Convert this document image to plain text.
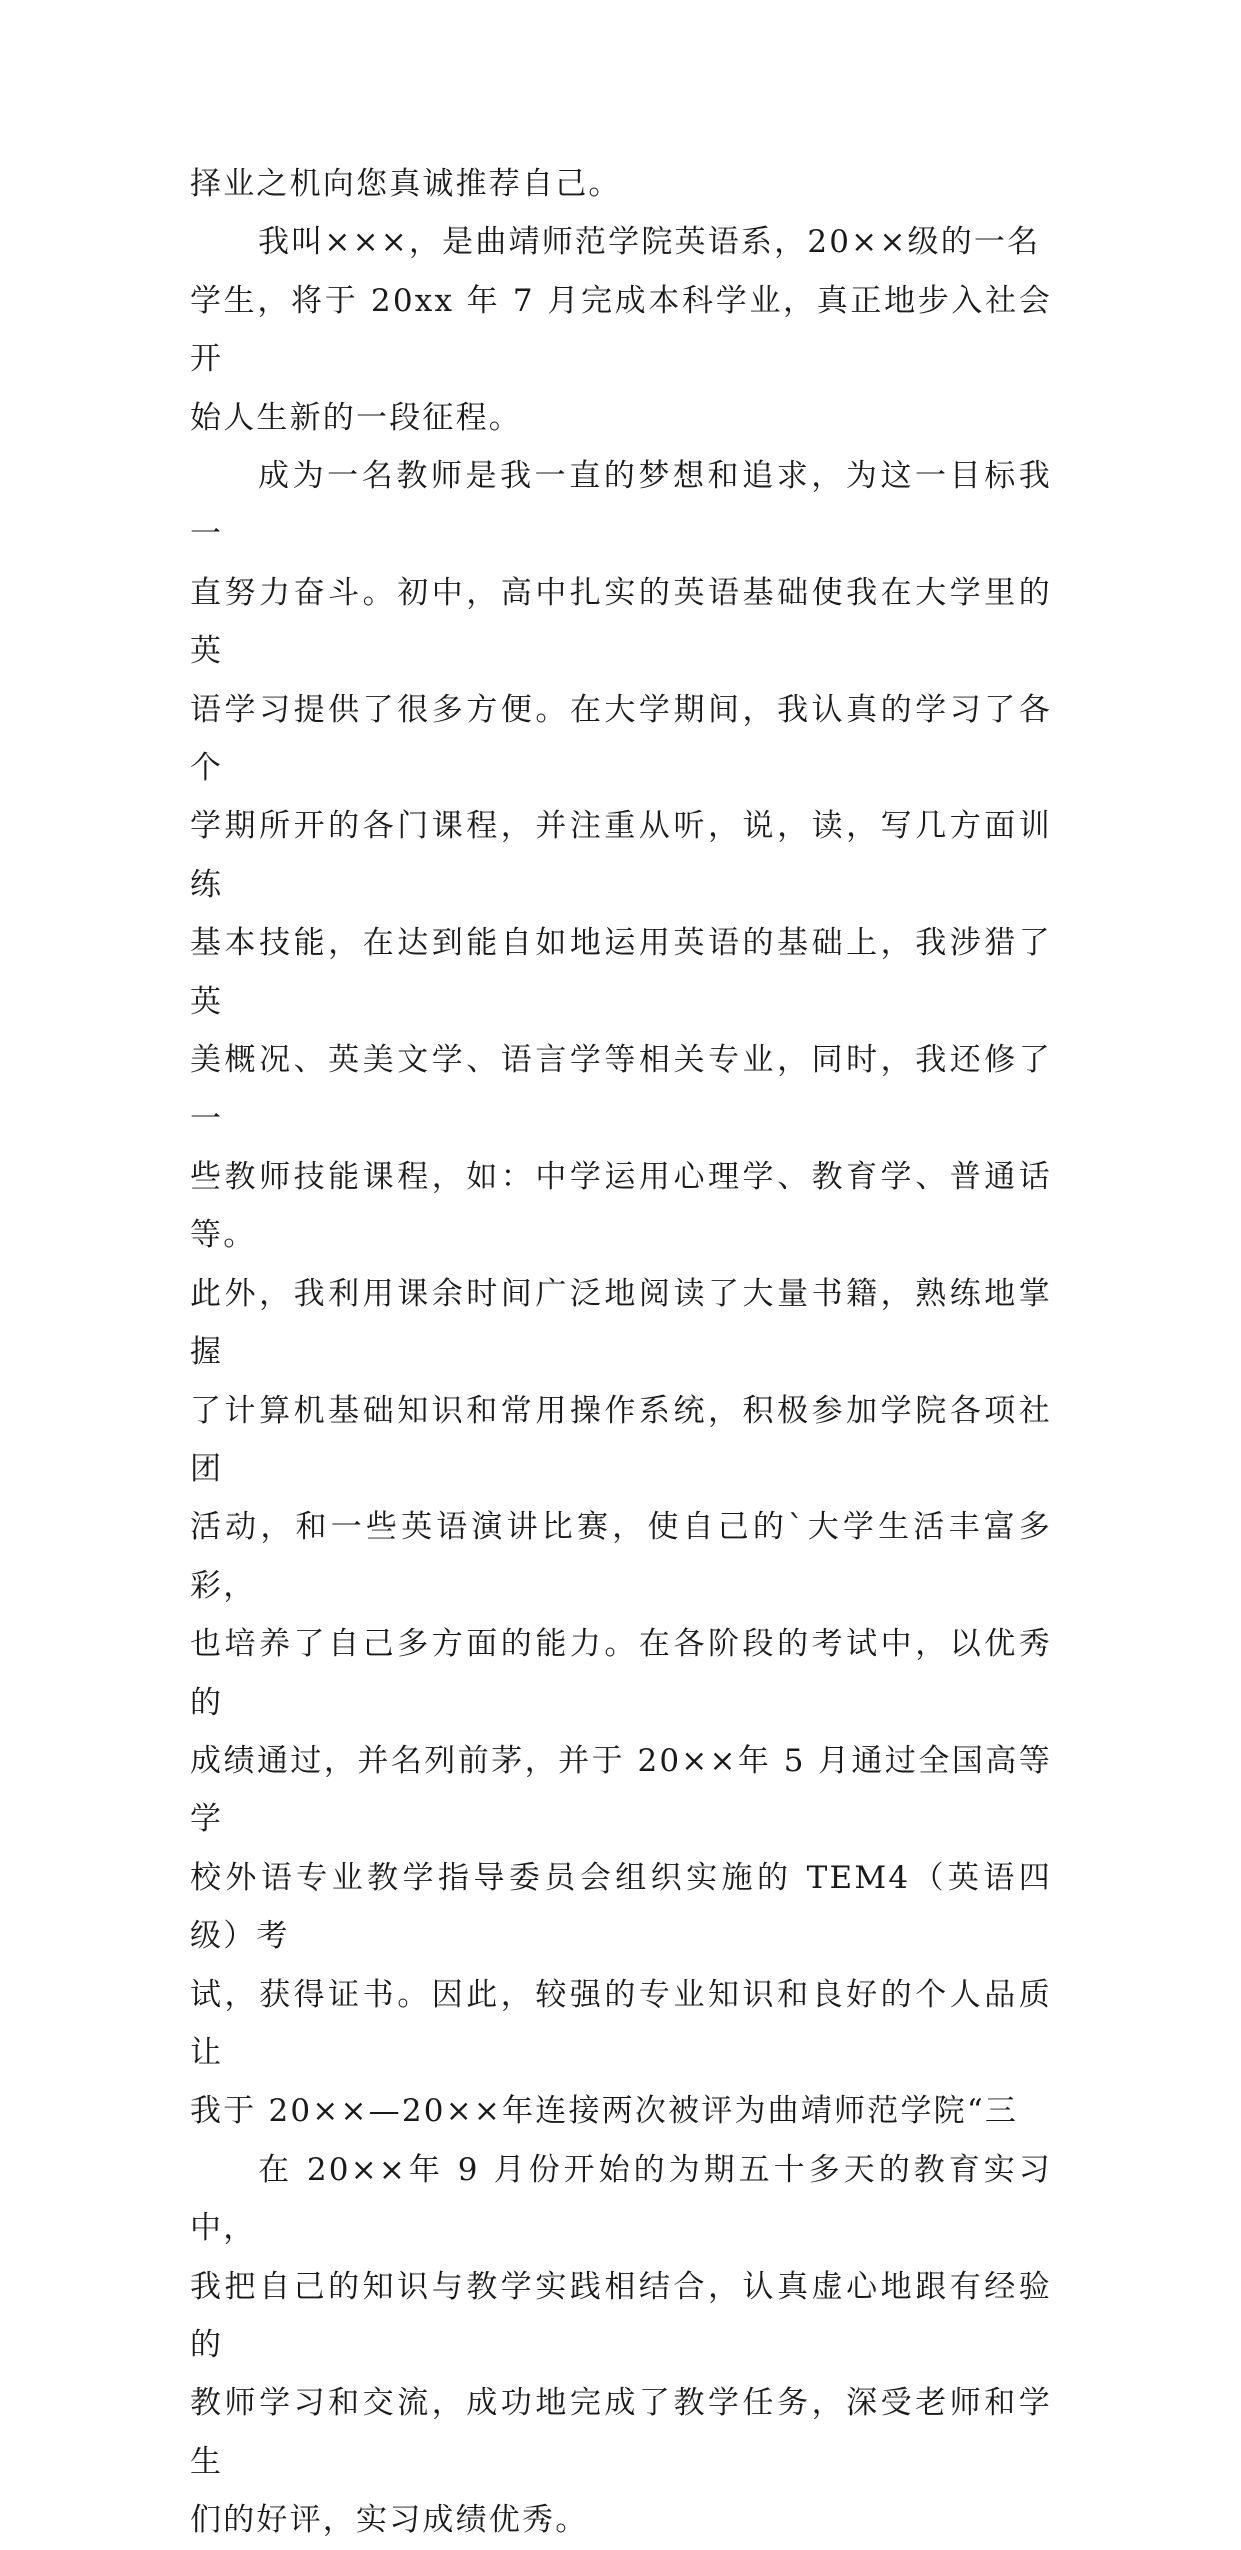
择业之机向您真诚推荐自己。

我叫×××，是曲靖师范学院英语系，20××级的一名
学生，将于 20xx 年 7 月完成本科学业，真正地步入社会开
始人生新的一段征程。

成为一名教师是我一直的梦想和追求，为这一目标我一
直努力奋斗。初中，高中扎实的英语基础使我在大学里的英
语学习提供了很多方便。在大学期间，我认真的学习了各个
学期所开的各门课程，并注重从听，说，读，写几方面训练
基本技能，在达到能自如地运用英语的基础上，我涉猎了英
美概况、英美文学、语言学等相关专业，同时，我还修了一
些教师技能课程，如：中学运用心理学、教育学、普通话等。
此外，我利用课余时间广泛地阅读了大量书籍，熟练地掌握
了计算机基础知识和常用操作系统，积极参加学院各项社团
活动，和一些英语演讲比赛，使自己的`大学生活丰富多彩，
也培养了自己多方面的能力。在各阶段的考试中，以优秀的
成绩通过，并名列前茅，并于 20××年 5 月通过全国高等学
校外语专业教学指导委员会组织实施的 TEM4（英语四级）考
试，获得证书。因此，较强的专业知识和良好的个人品质让
我于 20××—20××年连接两次被评为曲靖师范学院“三

在 20××年 9 月份开始的为期五十多天的教育实习中，
我把自己的知识与教学实践相结合，认真虚心地跟有经验的
教师学习和交流，成功地完成了教学任务，深受老师和学生
们的好评，实习成绩优秀。
